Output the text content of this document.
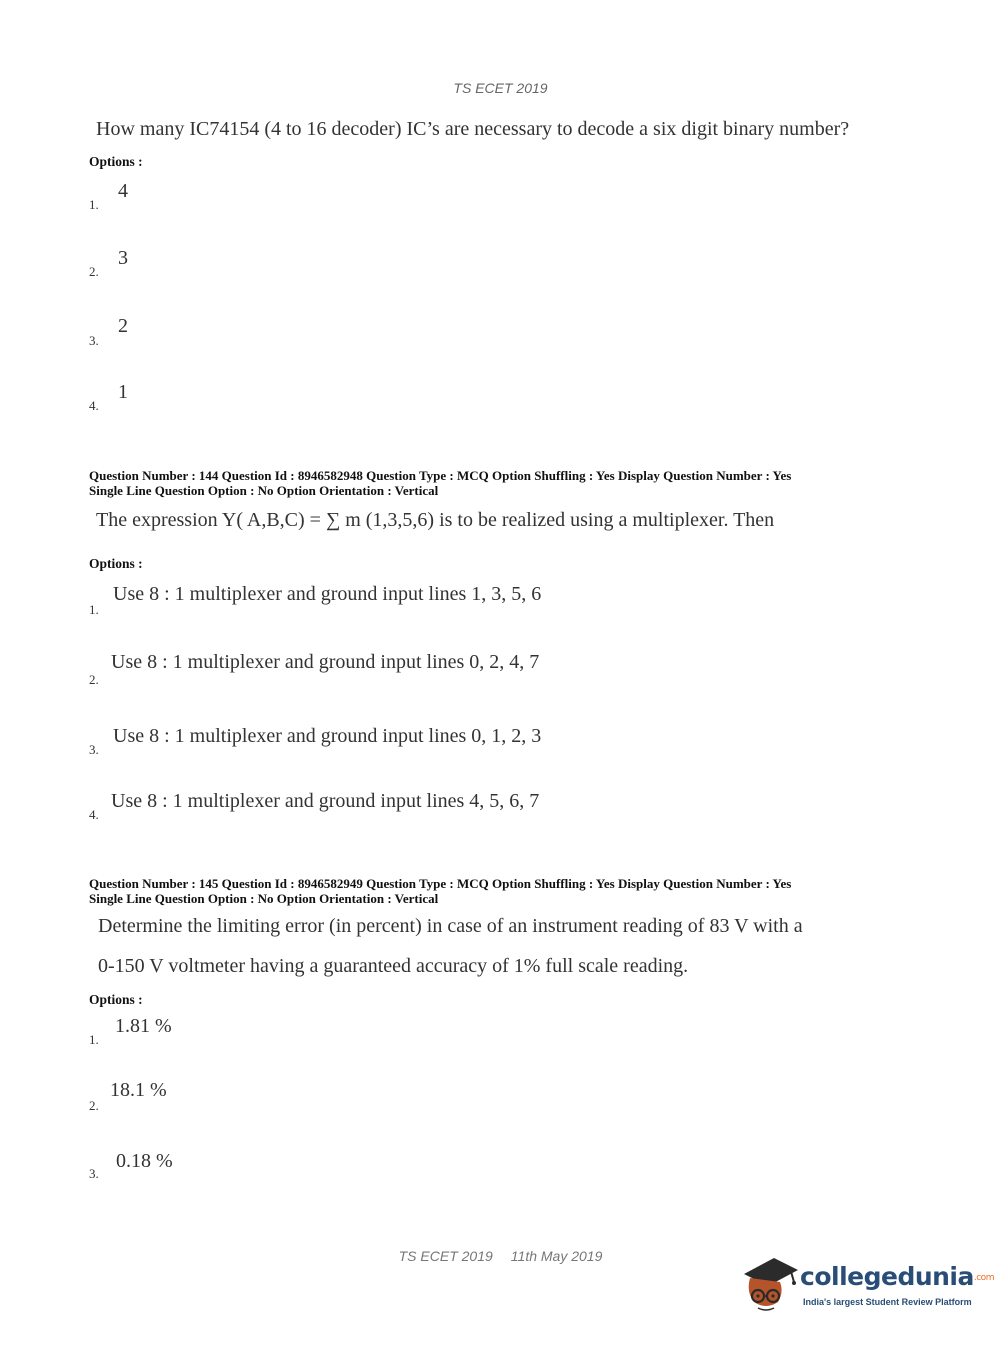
TS ECET 2019
How many IC74154 (4 to 16 decoder) IC’s are necessary to decode a six digit binary number?
Options :
1.
4
2.
3
3.
2
4.
1
Question Number : 144 Question Id : 8946582948 Question Type : MCQ Option Shuffling : Yes Display Question Number : Yes
Single Line Question Option : No Option Orientation : Vertical
The expression Y( A,B,C) = ∑ m (1,3,5,6) is to be realized using a multiplexer. Then
Options :
1.
Use 8 : 1 multiplexer and ground input lines 1, 3, 5, 6
2.
Use 8 : 1 multiplexer and ground input lines 0, 2, 4, 7
3.
Use 8 : 1 multiplexer and ground input lines 0, 1, 2, 3
4.
Use 8 : 1 multiplexer and ground input lines 4, 5, 6, 7
Question Number : 145 Question Id : 8946582949 Question Type : MCQ Option Shuffling : Yes Display Question Number : Yes
Single Line Question Option : No Option Orientation : Vertical
Determine the limiting error (in percent) in case of an instrument reading of 83 V with a
0-150 V voltmeter having a guaranteed accuracy of 1% full scale reading.
Options :
1.
1.81 %
2.
18.1 %
3.
0.18 %
TS ECET 2019 11th May 2019
collegedunia.com
India's largest Student Review Platform
